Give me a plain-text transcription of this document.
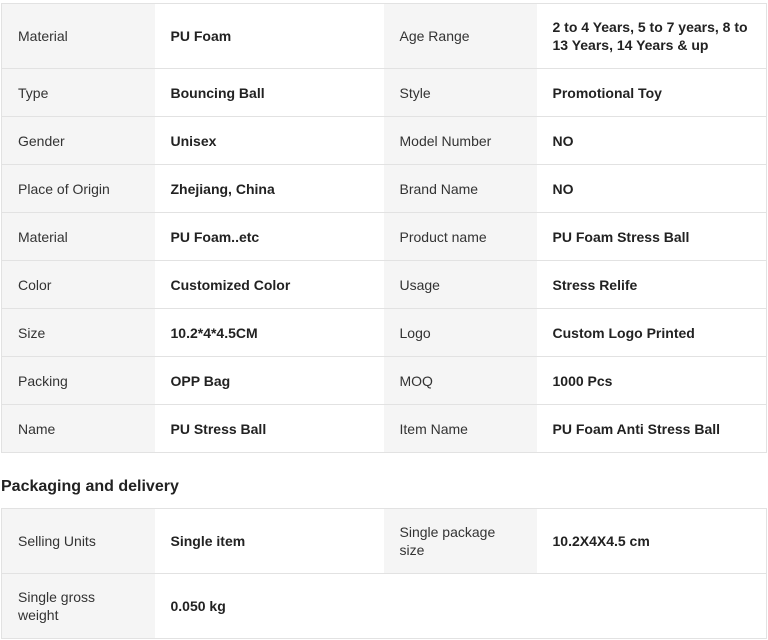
Material	PU Foam	Age Range	2 to 4 Years, 5 to 7 years, 8 to 13 Years, 14 Years & up
Type	Bouncing Ball	Style	Promotional Toy
Gender	Unisex	Model Number	NO
Place of Origin	Zhejiang, China	Brand Name	NO
Material	PU Foam..etc	Product name	PU Foam Stress Ball
Color	Customized Color	Usage	Stress Relife
Size	10.2*4*4.5CM	Logo	Custom Logo Printed
Packing	OPP Bag	MOQ	1000 Pcs
Name	PU Stress Ball	Item Name	PU Foam Anti Stress Ball
Packaging and delivery
Selling Units	Single item	Single package size	10.2X4X4.5 cm
Single gross weight	0.050 kg		
